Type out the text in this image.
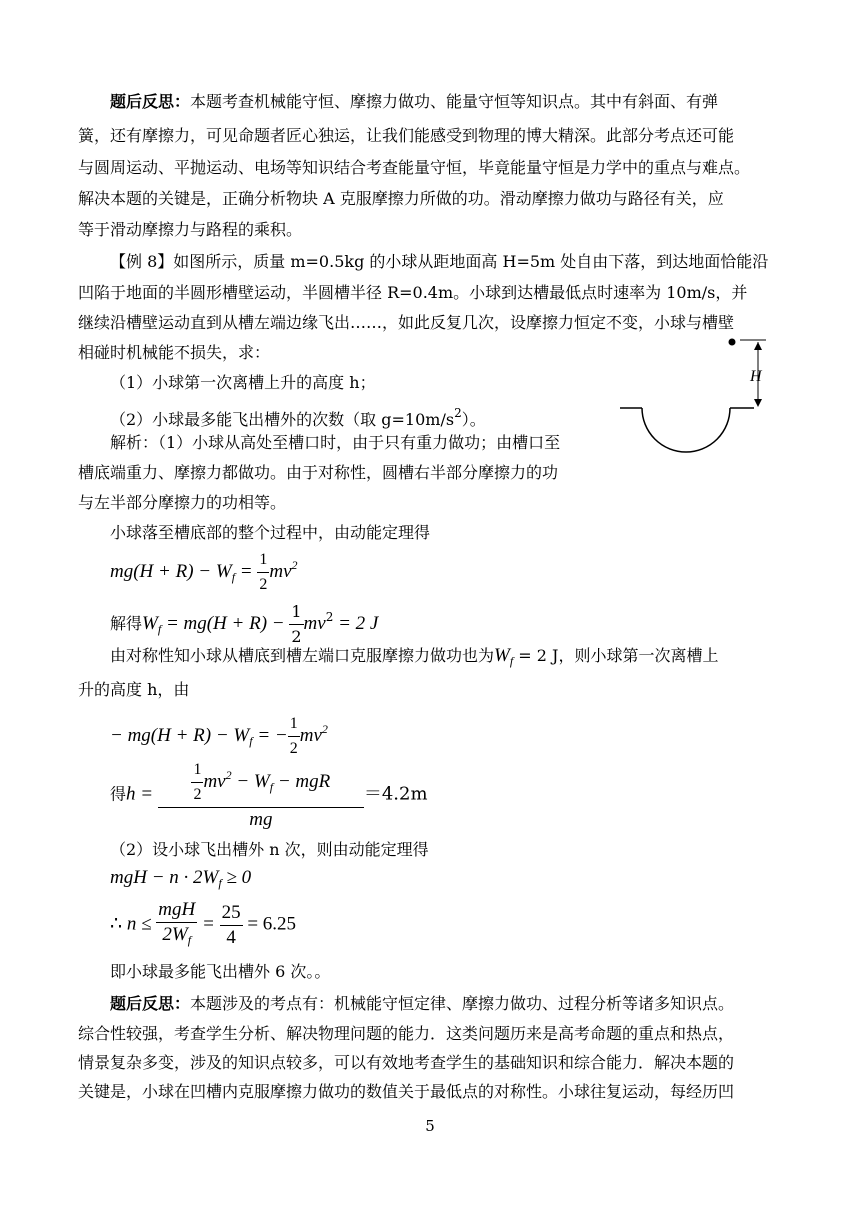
题后反思：本题考查机械能守恒、摩擦力做功、能量守恒等知识点。其中有斜面、有弹
簧，还有摩擦力，可见命题者匠心独运，让我们能感受到物理的博大精深。此部分考点还可能
与圆周运动、平抛运动、电场等知识结合考查能量守恒，毕竟能量守恒是力学中的重点与难点。
解决本题的关键是，正确分析物块 A 克服摩擦力所做的功。滑动摩擦力做功与路径有关，应
等于滑动摩擦力与路程的乘积。
【例 8】如图所示，质量 m=0.5kg 的小球从距地面高 H=5m 处自由下落，到达地面恰能沿
凹陷于地面的半圆形槽壁运动，半圆槽半径 R=0.4m。小球到达槽最低点时速率为 10m/s，并
继续沿槽壁运动直到从槽左端边缘飞出……，如此反复几次，设摩擦力恒定不变，小球与槽壁
相碰时机械能不损失，求：
（1）小球第一次离槽上升的高度 h；
（2）小球最多能飞出槽外的次数（取 $g=10m/s^2$）。
H
解析：（1）小球从高处至槽口时，由于只有重力做功；由槽口至
槽底端重力、摩擦力都做功。由于对称性，圆槽右半部分摩擦力的功
与左半部分摩擦力的功相等。
小球落至槽底部的整个过程中，由动能定理得
$mg(H + R) - W_f = \frac{1}{2} mv^2$
解得$W_f = mg(H + R) - \frac{1}{2} mv^2 = 2$ J
由对称性知小球从槽底到槽左端口克服摩擦力做功也为$W_f = 2$ J，则小球第一次离槽上
升的高度 h，由
− $mg(H + R) - W_f$ = − $\frac{1}{2} mv^2$
得$h = \frac{\frac{1}{2} mv^2 - W_f - mgR}{mg} =4.2m$
（2）设小球飞出槽外 n 次，则由动能定理得
mgH − $n \cdot 2W_f \ge 0$
∴ $n \le \frac{\text{mgH}}{2W_f} = \frac{25}{4} = 6.25$
即小球最多能飞出槽外 6 次。。
题后反思：本题涉及的考点有：机械能守恒定律、摩擦力做功、过程分析等诸多知识点。
综合性较强，考查学生分析、解决物理问题的能力．这类问题历来是高考命题的重点和热点，
情景复杂多变，涉及的知识点较多，可以有效地考查学生的基础知识和综合能力．解决本题的
关键是，小球在凹槽内克服摩擦力做功的数值关于最低点的对称性。小球往复运动，每经历凹
5
